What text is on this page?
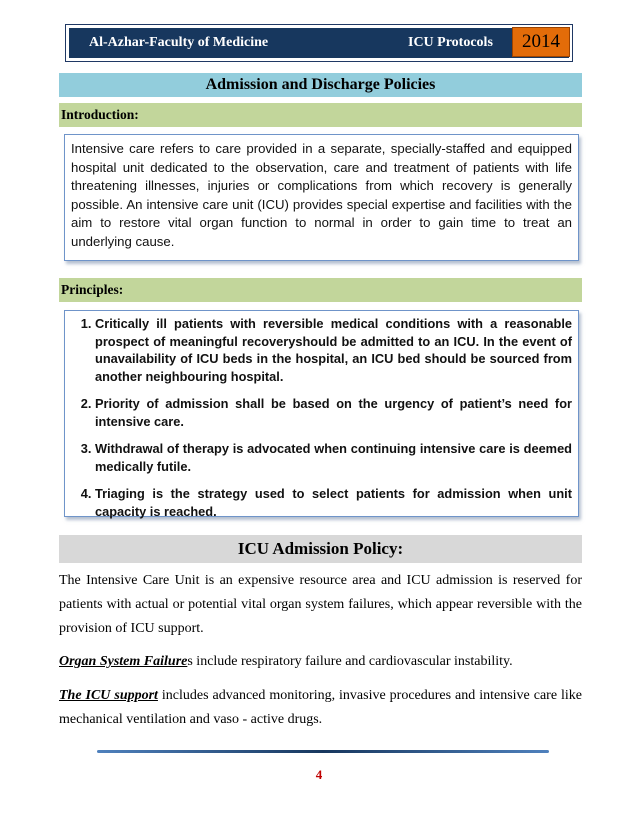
Al-Azhar-Faculty of Medicine	ICU Protocols	2014
Admission and Discharge Policies
Introduction:
Intensive care refers to care provided in a separate, specially-staffed and equipped hospital unit dedicated to the observation, care and treatment of patients with life threatening illnesses, injuries or complications from which recovery is generally possible. An intensive care unit (ICU) provides special expertise and facilities with the aim to restore vital organ function to normal in order to gain time to treat an underlying cause.
Principles:
1. Critically ill patients with reversible medical conditions with a reasonable prospect of meaningful recoveryshould be admitted to an ICU. In the event of unavailability of ICU beds in the hospital, an ICU bed should be sourced from another neighbouring hospital.
2. Priority of admission shall be based on the urgency of patient’s need for intensive care.
3. Withdrawal of therapy is advocated when continuing intensive care is deemed medically futile.
4. Triaging is the strategy used to select patients for admission when unit capacity is reached.
ICU Admission Policy:
The Intensive Care Unit is an expensive resource area and ICU admission is reserved for patients with actual or potential vital organ system failures, which appear reversible with the provision of ICU support.
Organ System Failures include respiratory failure and cardiovascular instability.
The ICU support includes advanced monitoring, invasive procedures and intensive care like mechanical ventilation and vaso - active drugs.
4
